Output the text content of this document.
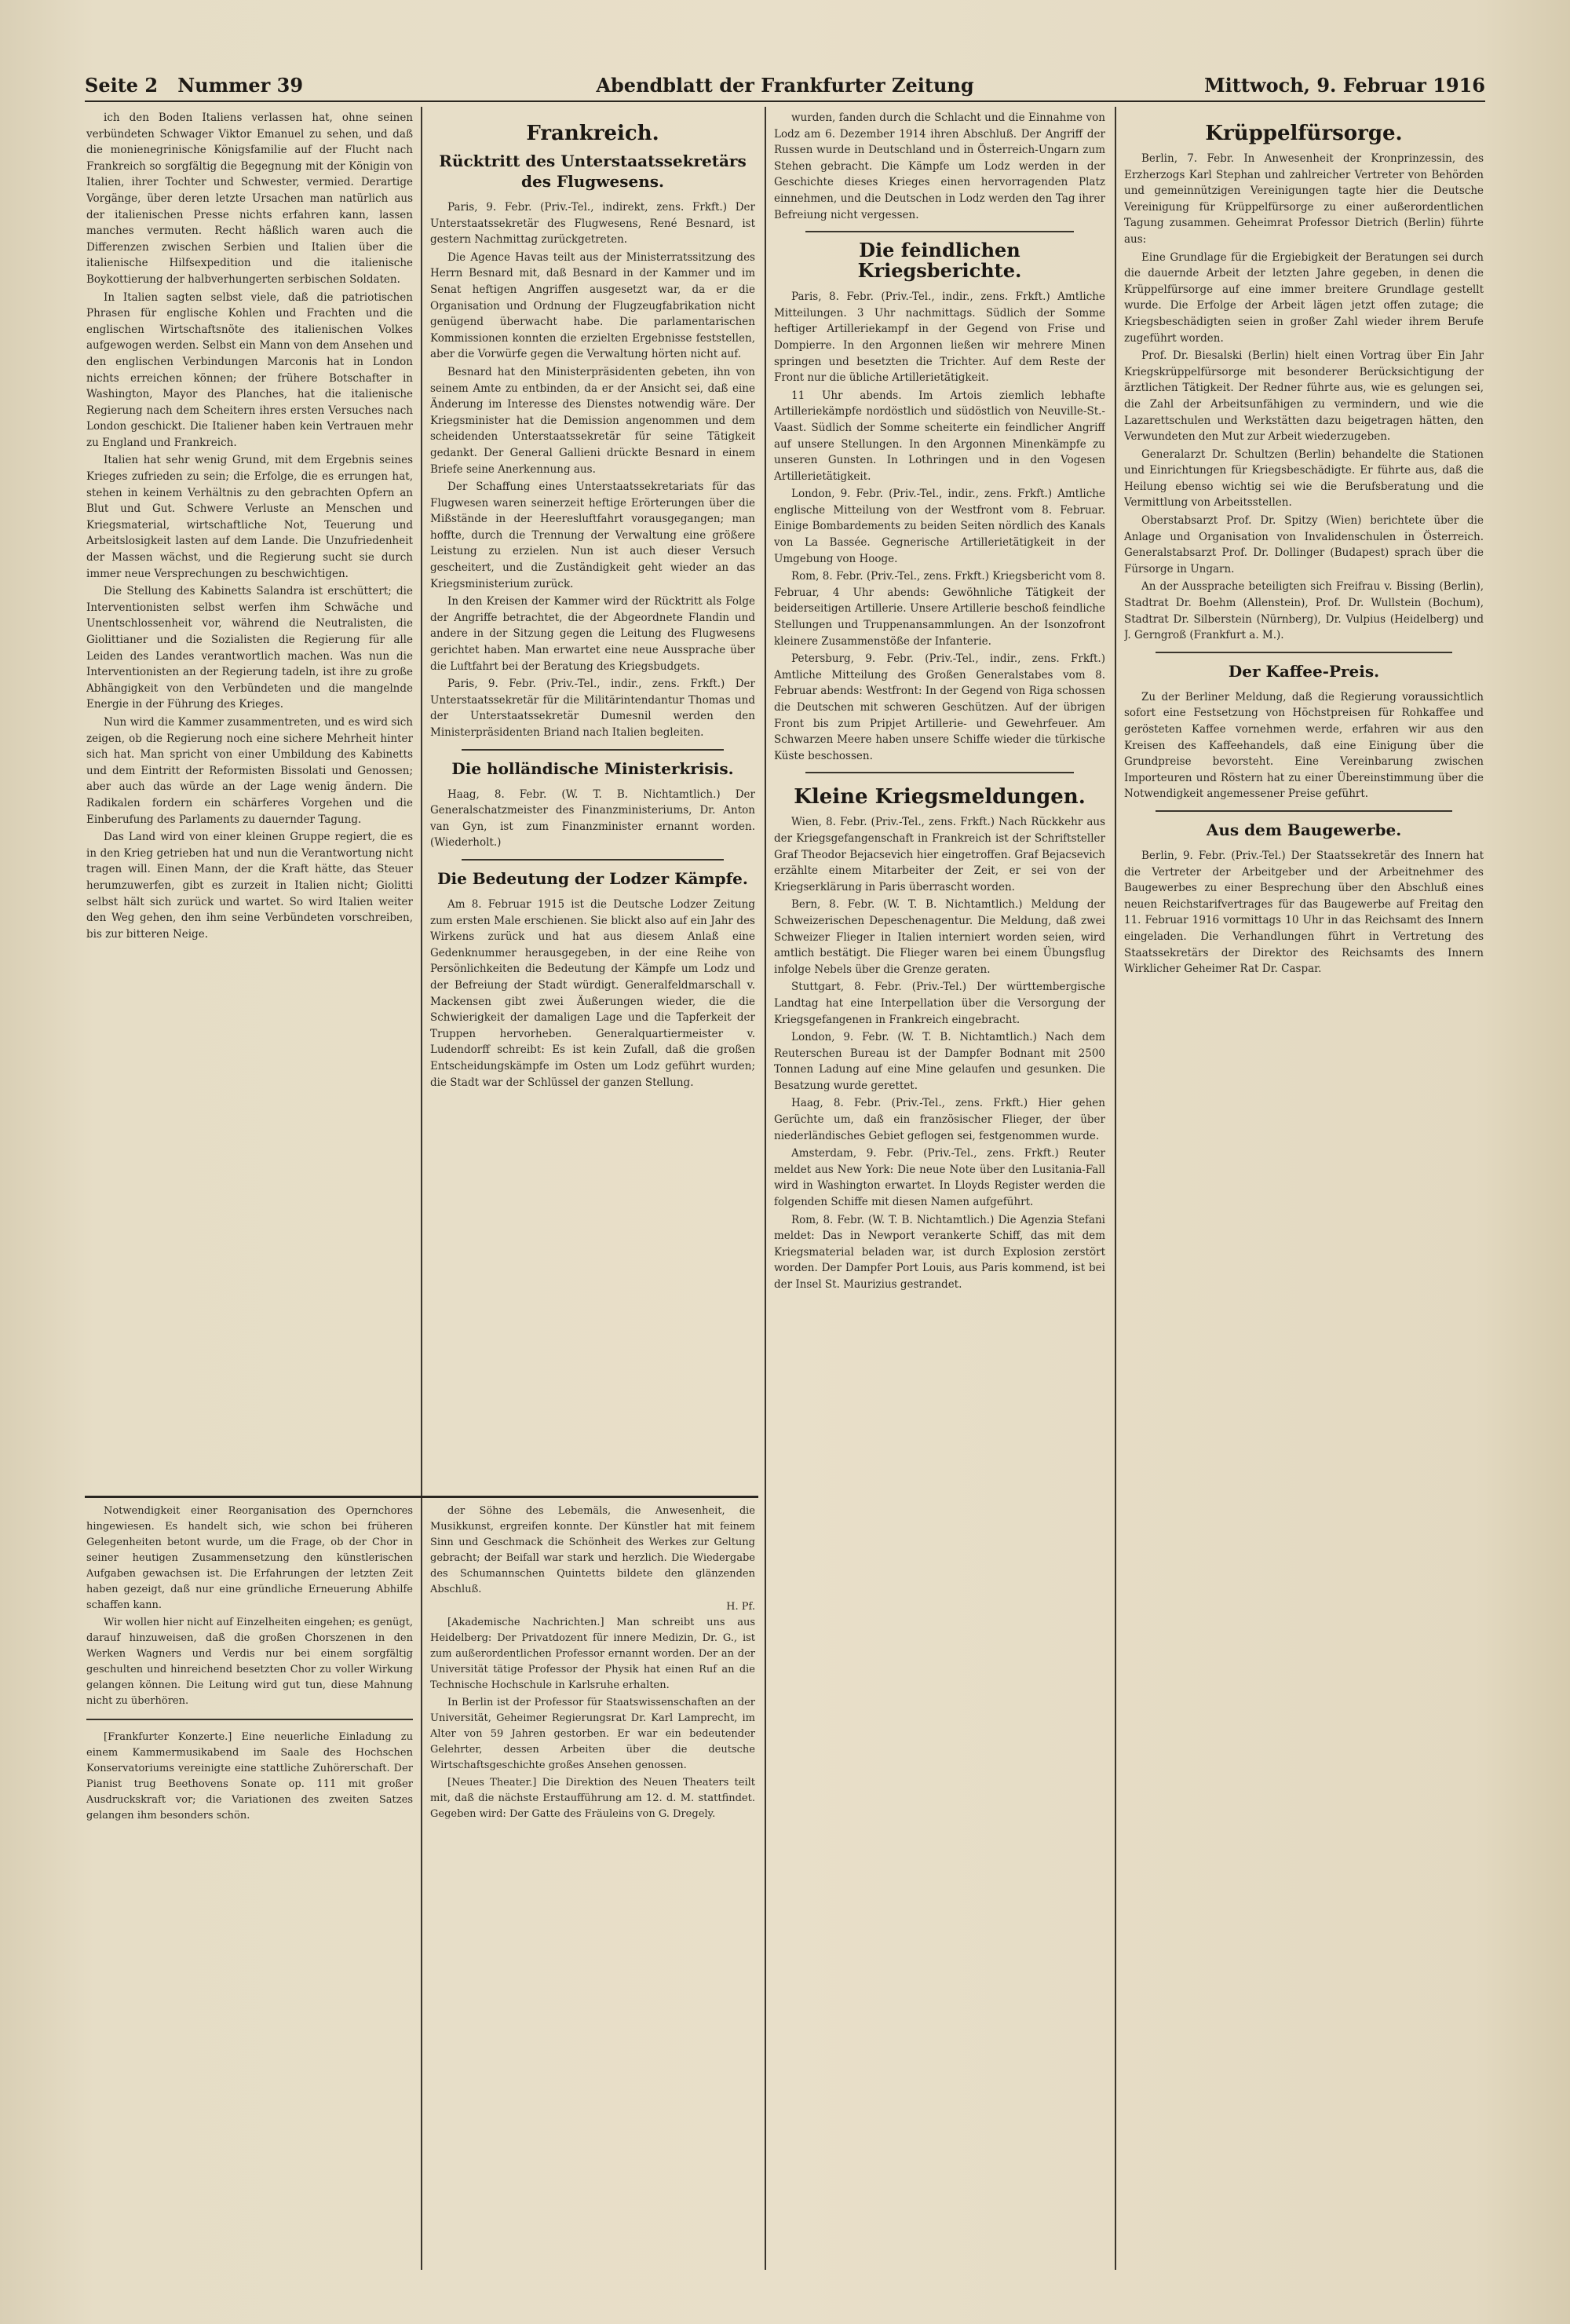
Seite 2 Nummer 39	Abendblatt der Frankfurter Zeitung	Mittwoch, 9. Februar 1916

ich den Boden Italiens verlassen hat, ohne seinen verbündeten Schwager Viktor Emanuel zu sehen, und daß die monienegrinische Königsfamilie auf der Flucht nach Frankreich so sorgfältig die Begegnung mit der Königin von Italien, ihrer Tochter und Schwester, vermied. Derartige Vorgänge, über deren letzte Ursachen man natürlich aus der italienischen Presse nichts erfahren kann, lassen manches vermuten. Recht häßlich waren auch die Differenzen zwischen Serbien und Italien über die italienische Hilfsexpedition und die italienische Boykottierung der halbverhungerten serbischen Soldaten.

In Italien sagten selbst viele, daß die patriotischen Phrasen für englische Kohlen und Frachten und die englischen Wirtschaftsnöte des italienischen Volkes aufgewogen werden. Selbst ein Mann von dem Ansehen und den englischen Verbindungen Marconis hat in London nichts erreichen können; der frühere Botschafter in Washington, Mayor des Planches, hat die italienische Regierung nach dem Scheitern ihres ersten Versuches nach London geschickt. Die Italiener haben kein Vertrauen mehr zu England und Frankreich.

Italien hat sehr wenig Grund, mit dem Ergebnis seines Krieges zufrieden zu sein; die Erfolge, die es errungen hat, stehen in keinem Verhältnis zu den gebrachten Opfern an Blut und Gut. Schwere Verluste an Menschen und Kriegsmaterial, wirtschaftliche Not, Teuerung und Arbeitslosigkeit lasten auf dem Lande. Die Unzufriedenheit der Massen wächst, und die Regierung sucht sie durch immer neue Versprechungen zu beschwichtigen.

Die Stellung des Kabinetts Salandra ist erschüttert; die Interventionisten selbst werfen ihm Schwäche und Unentschlossenheit vor, während die Neutralisten, die Giolittianer und die Sozialisten die Regierung für alle Leiden des Landes verantwortlich machen. Was nun die Interventionisten an der Regierung tadeln, ist ihre zu große Abhängigkeit von den Verbündeten und die mangelnde Energie in der Führung des Krieges.

Nun wird die Kammer zusammentreten, und es wird sich zeigen, ob die Regierung noch eine sichere Mehrheit hinter sich hat. Man spricht von einer Umbildung des Kabinetts und dem Eintritt der Reformisten Bissolati und Genossen; aber auch das würde an der Lage wenig ändern. Die Radikalen fordern ein schärferes Vorgehen und die Einberufung des Parlaments zu dauernder Tagung.

Das Land wird von einer kleinen Gruppe regiert, die es in den Krieg getrieben hat und nun die Verantwortung nicht tragen will. Einen Mann, der die Kraft hätte, das Steuer herumzuwerfen, gibt es zurzeit in Italien nicht; Giolitti selbst hält sich zurück und wartet. So wird Italien weiter den Weg gehen, den ihm seine Verbündeten vorschreiben, bis zur bitteren Neige.

Frankreich.
Rücktritt des Unterstaatssekretärs des Flugwesens.

Paris, 9. Febr. (Priv.-Tel., indirekt, zens. Frkft.) Der Unterstaatssekretär des Flugwesens, René Besnard, ist gestern Nachmittag zurückgetreten.

Die Agence Havas teilt aus der Ministerratssitzung des Herrn Besnard mit, daß Besnard in der Kammer und im Senat heftigen Angriffen ausgesetzt war, da er die Organisation und Ordnung der Flugzeugfabrikation nicht genügend überwacht habe. Die parlamentarischen Kommissionen konnten die erzielten Ergebnisse feststellen, aber die Vorwürfe gegen die Verwaltung hörten nicht auf.

Besnard hat den Ministerpräsidenten gebeten, ihn von seinem Amte zu entbinden, da er der Ansicht sei, daß eine Änderung im Interesse des Dienstes notwendig wäre. Der Kriegsminister hat die Demission angenommen und dem scheidenden Unterstaatssekretär für seine Tätigkeit gedankt. Der General Gallieni drückte Besnard in einem Briefe seine Anerkennung aus.

Der Schaffung eines Unterstaatssekretariats für das Flugwesen waren seinerzeit heftige Erörterungen über die Mißstände in der Heeresluftfahrt vorausgegangen; man hoffte, durch die Trennung der Verwaltung eine größere Leistung zu erzielen. Nun ist auch dieser Versuch gescheitert, und die Zuständigkeit geht wieder an das Kriegsministerium zurück.

In den Kreisen der Kammer wird der Rücktritt als Folge der Angriffe betrachtet, die der Abgeordnete Flandin und andere in der Sitzung gegen die Leitung des Flugwesens gerichtet haben. Man erwartet eine neue Aussprache über die Luftfahrt bei der Beratung des Kriegsbudgets.

Paris, 9. Febr. (Priv.-Tel., indir., zens. Frkft.) Der Unterstaatssekretär für die Militärintendantur Thomas und der Unterstaatssekretär Dumesnil werden den Ministerpräsidenten Briand nach Italien begleiten.

Die holländische Ministerkrisis.

Haag, 8. Febr. (W. T. B. Nichtamtlich.) Der Generalschatzmeister des Finanzministeriums, Dr. Anton van Gyn, ist zum Finanzminister ernannt worden. (Wiederholt.)

Die Bedeutung der Lodzer Kämpfe.

Am 8. Februar 1915 ist die Deutsche Lodzer Zeitung zum ersten Male erschienen. Sie blickt also auf ein Jahr des Wirkens zurück und hat aus diesem Anlaß eine Gedenknummer herausgegeben, in der eine Reihe von Persönlichkeiten die Bedeutung der Kämpfe um Lodz und der Befreiung der Stadt würdigt. Generalfeldmarschall v. Mackensen gibt zwei Äußerungen wieder, die die Schwierigkeit der damaligen Lage und die Tapferkeit der Truppen hervorheben. Generalquartiermeister v. Ludendorff schreibt: Es ist kein Zufall, daß die großen Entscheidungskämpfe im Osten um Lodz geführt wurden; die Stadt war der Schlüssel der ganzen Stellung.

wurden, fanden durch die Schlacht und die Einnahme von Lodz am 6. Dezember 1914 ihren Abschluß. Der Angriff der Russen wurde in Deutschland und in Österreich-Ungarn zum Stehen gebracht. Die Kämpfe um Lodz werden in der Geschichte dieses Krieges einen hervorragenden Platz einnehmen, und die Deutschen in Lodz werden den Tag ihrer Befreiung nicht vergessen.

Die feindlichen Kriegsberichte.

Paris, 8. Febr. (Priv.-Tel., indir., zens. Frkft.) Amtliche Mitteilungen. 3 Uhr nachmittags. Südlich der Somme heftiger Artilleriekampf in der Gegend von Frise und Dompierre. In den Argonnen ließen wir mehrere Minen springen und besetzten die Trichter. Auf dem Reste der Front nur die übliche Artillerietätigkeit.

11 Uhr abends. Im Artois ziemlich lebhafte Artilleriekämpfe nordöstlich und südöstlich von Neuville-St.-Vaast. Südlich der Somme scheiterte ein feindlicher Angriff auf unsere Stellungen. In den Argonnen Minenkämpfe zu unseren Gunsten. In Lothringen und in den Vogesen Artillerietätigkeit.

London, 9. Febr. (Priv.-Tel., indir., zens. Frkft.) Amtliche englische Mitteilung von der Westfront vom 8. Februar. Einige Bombardements zu beiden Seiten nördlich des Kanals von La Bassée. Gegnerische Artillerietätigkeit in der Umgebung von Hooge.

Rom, 8. Febr. (Priv.-Tel., zens. Frkft.) Kriegsbericht vom 8. Februar, 4 Uhr abends: Gewöhnliche Tätigkeit der beiderseitigen Artillerie. Unsere Artillerie beschoß feindliche Stellungen und Truppenansammlungen. An der Isonzofront kleinere Zusammenstöße der Infanterie.

Petersburg, 9. Febr. (Priv.-Tel., indir., zens. Frkft.) Amtliche Mitteilung des Großen Generalstabes vom 8. Februar abends: Westfront: In der Gegend von Riga schossen die Deutschen mit schweren Geschützen. Auf der übrigen Front bis zum Pripjet Artillerie- und Gewehrfeuer. Am Schwarzen Meere haben unsere Schiffe wieder die türkische Küste beschossen.

Kleine Kriegsmeldungen.

Wien, 8. Febr. (Priv.-Tel., zens. Frkft.) Nach Rückkehr aus der Kriegsgefangenschaft in Frankreich ist der Schriftsteller Graf Theodor Bejacsevich hier eingetroffen. Graf Bejacsevich erzählte einem Mitarbeiter der Zeit, er sei von der Kriegserklärung in Paris überrascht worden.

Bern, 8. Febr. (W. T. B. Nichtamtlich.) Meldung der Schweizerischen Depeschenagentur. Die Meldung, daß zwei Schweizer Flieger in Italien interniert worden seien, wird amtlich bestätigt. Die Flieger waren bei einem Übungsflug infolge Nebels über die Grenze geraten.

Stuttgart, 8. Febr. (Priv.-Tel.) Der württembergische Landtag hat eine Interpellation über die Versorgung der Kriegsgefangenen in Frankreich eingebracht.

London, 9. Febr. (W. T. B. Nichtamtlich.) Nach dem Reuterschen Bureau ist der Dampfer Bodnant mit 2500 Tonnen Ladung auf eine Mine gelaufen und gesunken. Die Besatzung wurde gerettet.

Haag, 8. Febr. (Priv.-Tel., zens. Frkft.) Hier gehen Gerüchte um, daß ein französischer Flieger, der über niederländisches Gebiet geflogen sei, festgenommen wurde.

Amsterdam, 9. Febr. (Priv.-Tel., zens. Frkft.) Reuter meldet aus New York: Die neue Note über den Lusitania-Fall wird in Washington erwartet. In Lloyds Register werden die folgenden Schiffe mit diesen Namen aufgeführt.

Rom, 8. Febr. (W. T. B. Nichtamtlich.) Die Agenzia Stefani meldet: Das in Newport verankerte Schiff, das mit dem Kriegsmaterial beladen war, ist durch Explosion zerstört worden. Der Dampfer Port Louis, aus Paris kommend, ist bei der Insel St. Maurizius gestrandet.

Krüppelfürsorge.

Berlin, 7. Febr. In Anwesenheit der Kronprinzessin, des Erzherzogs Karl Stephan und zahlreicher Vertreter von Behörden und gemeinnützigen Vereinigungen tagte hier die Deutsche Vereinigung für Krüppelfürsorge zu einer außerordentlichen Tagung zusammen. Geheimrat Professor Dietrich (Berlin) führte aus:

Eine Grundlage für die Ergiebigkeit der Beratungen sei durch die dauernde Arbeit der letzten Jahre gegeben, in denen die Krüppelfürsorge auf eine immer breitere Grundlage gestellt wurde. Die Erfolge der Arbeit lägen jetzt offen zutage; die Kriegsbeschädigten seien in großer Zahl wieder ihrem Berufe zugeführt worden.

Prof. Dr. Biesalski (Berlin) hielt einen Vortrag über Ein Jahr Kriegskrüppelfürsorge mit besonderer Berücksichtigung der ärztlichen Tätigkeit. Der Redner führte aus, wie es gelungen sei, die Zahl der Arbeitsunfähigen zu vermindern, und wie die Lazarettschulen und Werkstätten dazu beigetragen hätten, den Verwundeten den Mut zur Arbeit wiederzugeben.

Generalarzt Dr. Schultzen (Berlin) behandelte die Stationen und Einrichtungen für Kriegsbeschädigte. Er führte aus, daß die Heilung ebenso wichtig sei wie die Berufsberatung und die Vermittlung von Arbeitsstellen.

Oberstabsarzt Prof. Dr. Spitzy (Wien) berichtete über die Anlage und Organisation von Invalidenschulen in Österreich. Generalstabsarzt Prof. Dr. Dollinger (Budapest) sprach über die Fürsorge in Ungarn.

An der Aussprache beteiligten sich Freifrau v. Bissing (Berlin), Stadtrat Dr. Boehm (Allenstein), Prof. Dr. Wullstein (Bochum), Stadtrat Dr. Silberstein (Nürnberg), Dr. Vulpius (Heidelberg) und J. Gerngroß (Frankfurt a. M.).

Der Kaffee-Preis.

Zu der Berliner Meldung, daß die Regierung voraussichtlich sofort eine Festsetzung von Höchstpreisen für Rohkaffee und gerösteten Kaffee vornehmen werde, erfahren wir aus den Kreisen des Kaffeehandels, daß eine Einigung über die Grundpreise bevorsteht. Eine Vereinbarung zwischen Importeuren und Röstern hat zu einer Übereinstimmung über die Notwendigkeit angemessener Preise geführt.

Aus dem Baugewerbe.

Berlin, 9. Febr. (Priv.-Tel.) Der Staatssekretär des Innern hat die Vertreter der Arbeitgeber und der Arbeitnehmer des Baugewerbes zu einer Besprechung über den Abschluß eines neuen Reichstarifvertrages für das Baugewerbe auf Freitag den 11. Februar 1916 vormittags 10 Uhr in das Reichsamt des Innern eingeladen. Die Verhandlungen führt in Vertretung des Staatssekretärs der Direktor des Reichsamts des Innern Wirklicher Geheimer Rat Dr. Caspar.

Notwendigkeit einer Reorganisation des Opernchores hingewiesen. Es handelt sich, wie schon bei früheren Gelegenheiten betont wurde, um die Frage, ob der Chor in seiner heutigen Zusammensetzung den künstlerischen Aufgaben gewachsen ist. Die Erfahrungen der letzten Zeit haben gezeigt, daß nur eine gründliche Erneuerung Abhilfe schaffen kann.

Wir wollen hier nicht auf Einzelheiten eingehen; es genügt, darauf hinzuweisen, daß die großen Chorszenen in den Werken Wagners und Verdis nur bei einem sorgfältig geschulten und hinreichend besetzten Chor zu voller Wirkung gelangen können. Die Leitung wird gut tun, diese Mahnung nicht zu überhören.

[Frankfurter Konzerte.] Eine neuerliche Einladung zu einem Kammermusikabend im Saale des Hochschen Konservatoriums vereinigte eine stattliche Zuhörerschaft. Der Pianist trug Beethovens Sonate op. 111 mit großer Ausdruckskraft vor; die Variationen des zweiten Satzes gelangen ihm besonders schön.

der Söhne des Lebemäls, die Anwesenheit, die Musikkunst, ergreifen konnte. Der Künstler hat mit feinem Sinn und Geschmack die Schönheit des Werkes zur Geltung gebracht; der Beifall war stark und herzlich. Die Wiedergabe des Schumannschen Quintetts bildete den glänzenden Abschluß.

H. Pf.

[Akademische Nachrichten.] Man schreibt uns aus Heidelberg: Der Privatdozent für innere Medizin, Dr. G., ist zum außerordentlichen Professor ernannt worden. Der an der Universität tätige Professor der Physik hat einen Ruf an die Technische Hochschule in Karlsruhe erhalten.

In Berlin ist der Professor für Staatswissenschaften an der Universität, Geheimer Regierungsrat Dr. Karl Lamprecht, im Alter von 59 Jahren gestorben. Er war ein bedeutender Gelehrter, dessen Arbeiten über die deutsche Wirtschaftsgeschichte großes Ansehen genossen.

[Neues Theater.] Die Direktion des Neuen Theaters teilt mit, daß die nächste Erstaufführung am 12. d. M. stattfindet. Gegeben wird: Der Gatte des Fräuleins von G. Dregely.
